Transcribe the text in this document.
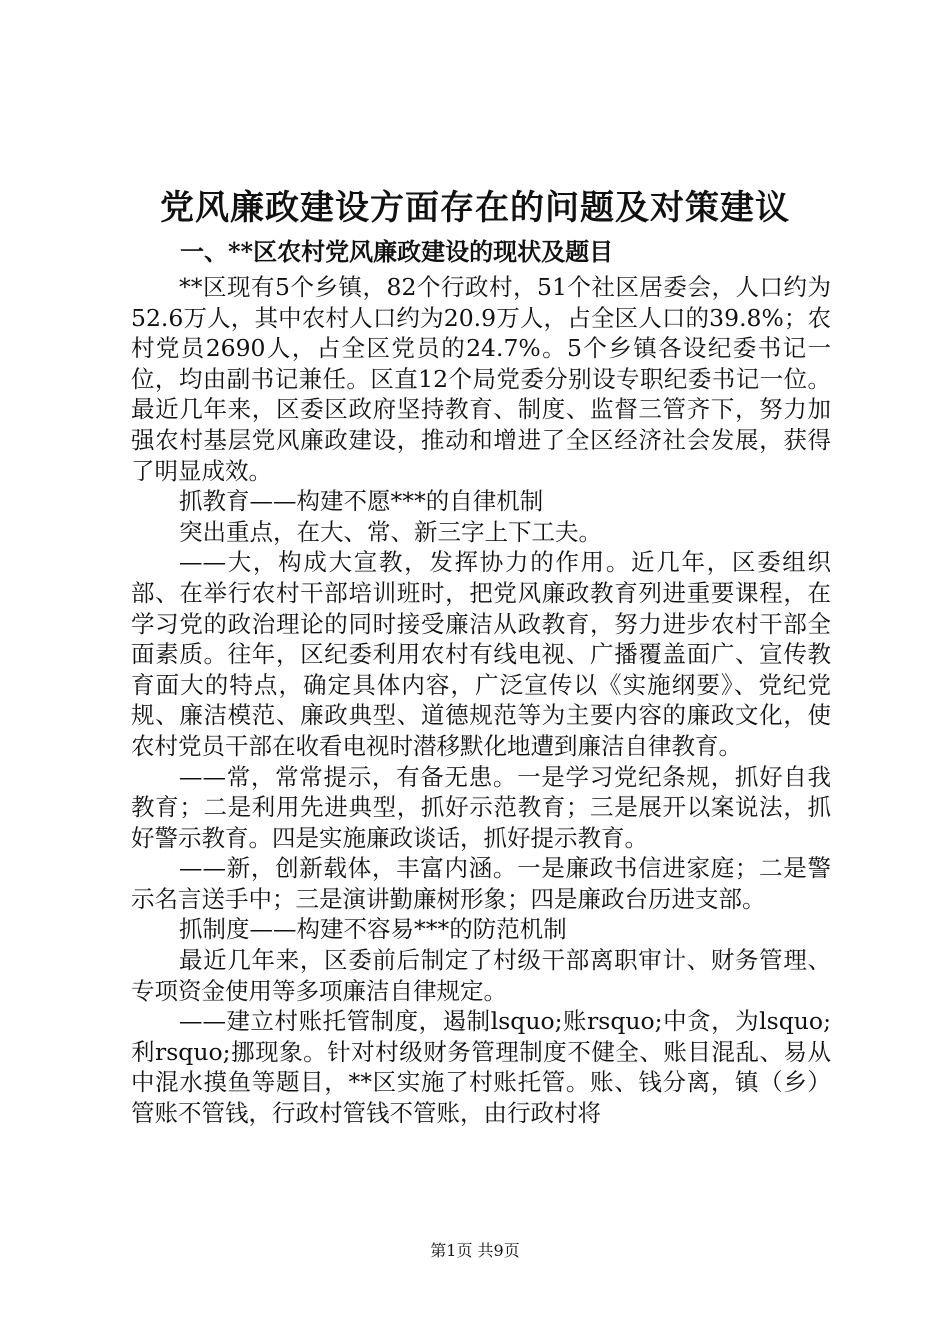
党风廉政建设方面存在的问题及对策建议
一、**区农村党风廉政建设的现状及题目

**区现有5个乡镇，82个行政村，51个社区居委会，人口约为52.6万人，其中农村人口约为20.9万人，占全区人口的39.8%；农村党员2690人，占全区党员的24.7%。5个乡镇各设纪委书记一位，均由副书记兼任。区直12个局党委分别设专职纪委书记一位。最近几年来，区委区政府坚持教育、制度、监督三管齐下，努力加强农村基层党风廉政建设，推动和增进了全区经济社会发展，获得了明显成效。

抓教育——构建不愿***的自律机制

突出重点，在大、常、新三字上下工夫。

——大，构成大宣教，发挥协力的作用。近几年，区委组织部、在举行农村干部培训班时，把党风廉政教育列进重要课程，在学习党的政治理论的同时接受廉洁从政教育，努力进步农村干部全面素质。往年，区纪委利用农村有线电视、广播覆盖面广、宣传教育面大的特点，确定具体内容，广泛宣传以《实施纲要》、党纪党规、廉洁模范、廉政典型、道德规范等为主要内容的廉政文化，使农村党员干部在收看电视时潜移默化地遭到廉洁自律教育。

——常，常常提示，有备无患。一是学习党纪条规，抓好自我教育；二是利用先进典型，抓好示范教育；三是展开以案说法，抓好警示教育。四是实施廉政谈话，抓好提示教育。

——新，创新载体，丰富内涵。一是廉政书信进家庭；二是警示名言送手中；三是演讲勤廉树形象；四是廉政台历进支部。

抓制度——构建不容易***的防范机制

最近几年来，区委前后制定了村级干部离职审计、财务管理、专项资金使用等多项廉洁自律规定。

——建立村账托管制度，遏制lsquo;账rsquo;中贪，为lsquo;利rsquo;挪现象。针对村级财务管理制度不健全、账目混乱、易从中混水摸鱼等题目，**区实施了村账托管。账、钱分离，镇（乡）管账不管钱，行政村管钱不管账，由行政村将

第1页 共9页
